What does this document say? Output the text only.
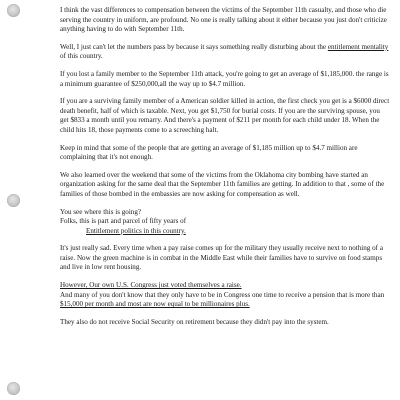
I think the vast differences to compensation between the victims of the September 11th casualty, and those who die serving the country in uniform, are profound. No one is really talking about it either because you just don't criticize anything having to do with September 11th.

Well, I just can't let the numbers pass by because it says something really disturbing about the entitlement mentality of this country.

If you lost a family member to the September 11th attack, you're going to get an average of $1,185,000. the range is a minimum guarantee of $250,000,all the way up to $4.7 million.

If you are a surviving family member of a American soldier killed in action, the first check you get is a $6000 direct death benefit, half of which is taxable. Next, you get $1,750 for burial costs. If you are the surviving spouse, you get $833 a month until you remarry. And there's a payment of $211 per month for each child under 18. When the child hits 18, those payments come to a screeching halt.

Keep in mind that some of the people that are getting an average of $1,185 million up to $4.7 million are complaining that it's not enough.

We also learned over the weekend that some of the victims from the Oklahoma city bombing have started an organization asking for the same deal that the September 11th families are getting. In addition to that , some of the families of those bombed in the embassies are now asking for compensation as well.

You see where this is going?
Folks, this is part and parcel of fifty years of

Entitlement politics in this country.

It's just really sad. Every time when a pay raise comes up for the military they usually receive next to nothing of a raise. Now the green machine is in combat in the Middle East while their families have to survive on food stamps and live in low rent housing.

However, Our own U.S. Congress just voted themselves a raise.
And many of you don't know that they only have to be in Congress one time to receive a pension that is more than $15,000 per month and most are now equal to be millionaires plus.

They also do not receive Social Security on retirement because they didn't pay into the system.
